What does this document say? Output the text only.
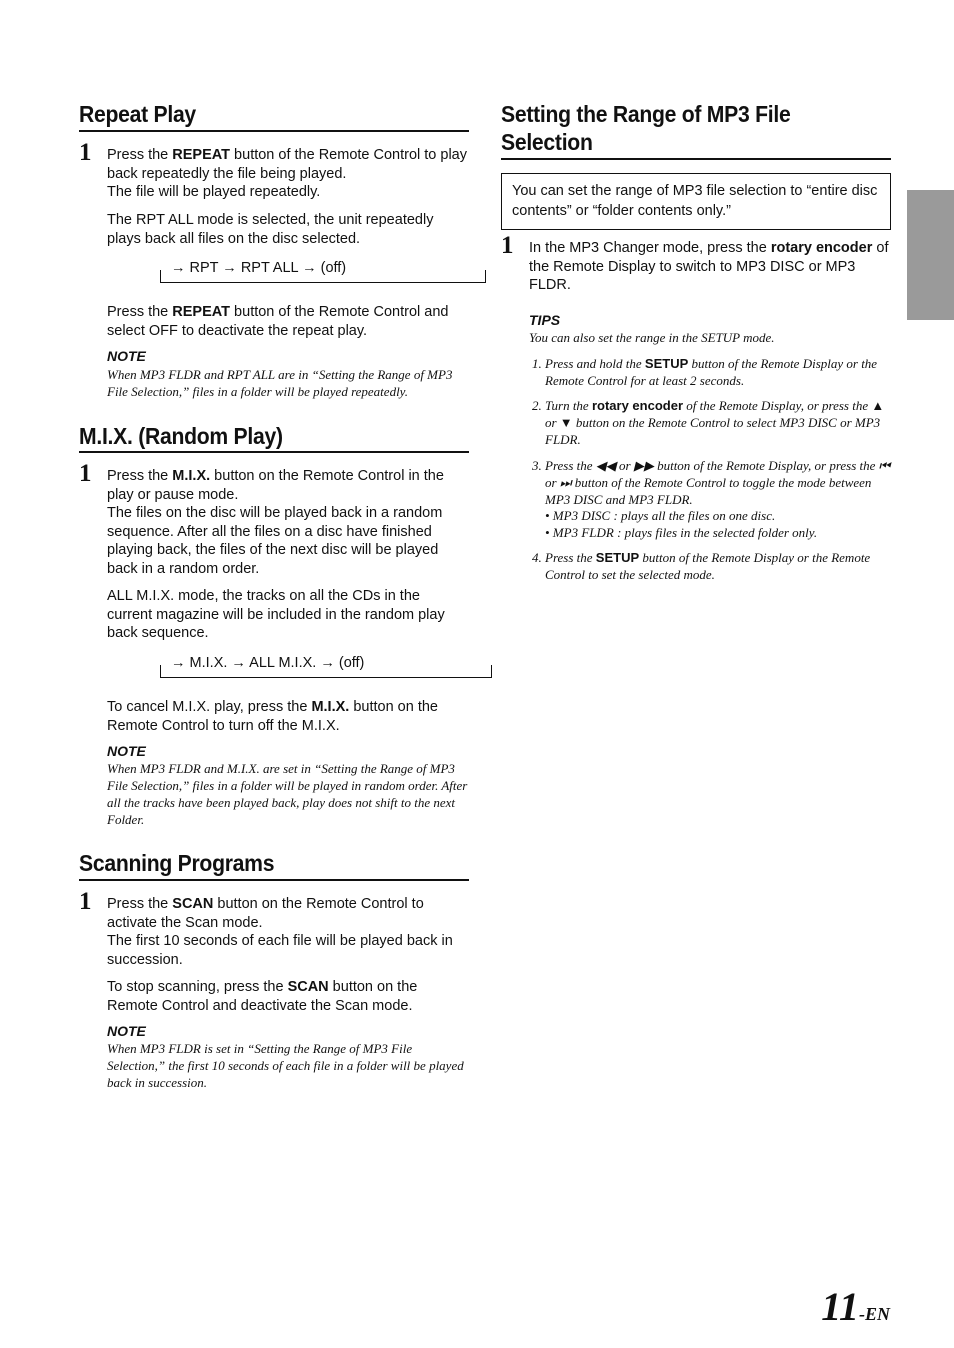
Repeat Play
1 Press the REPEAT button of the Remote Control to play back repeatedly the file being played.
The file will be played repeatedly.

The RPT ALL mode is selected, the unit repeatedly plays back all files on the disc selected.

→ RPT → RPT ALL → (off)

Press the REPEAT button of the Remote Control and select OFF to deactivate the repeat play.

NOTE

When MP3 FLDR and RPT ALL are in “Setting the Range of MP3 File Selection,” files in a folder will be played repeatedly.

M.I.X. (Random Play)
1 Press the M.I.X. button on the Remote Control in the play or pause mode.
The files on the disc will be played back in a random sequence. After all the files on a disc have finished playing back, the files of the next disc will be played back in a random order.

ALL M.I.X. mode, the tracks on all the CDs in the current magazine will be included in the random play back sequence.

→ M.I.X. → ALL M.I.X. → (off)

To cancel M.I.X. play, press the M.I.X. button on the Remote Control to turn off the M.I.X.

NOTE

When MP3 FLDR and M.I.X. are set in “Setting the Range of MP3 File Selection,” files in a folder will be played in random order. After all the tracks have been played back, play does not shift to the next Folder.

Scanning Programs
1 Press the SCAN button on the Remote Control to activate the Scan mode.
The first 10 seconds of each file will be played back in succession.

To stop scanning, press the SCAN button on the Remote Control and deactivate the Scan mode.

NOTE

When MP3 FLDR is set in “Setting the Range of MP3 File Selection,” the first 10 seconds of each file in a folder will be played back in succession.

Setting the Range of MP3 File
Selection

You can set the range of MP3 file selection to “entire disc contents” or “folder contents only.”

1 In the MP3 Changer mode, press the rotary encoder of the Remote Display to switch to MP3 DISC or MP3 FLDR.

TIPS

You can also set the range in the SETUP mode.

1. Press and hold the SETUP button of the Remote Display or the Remote Control for at least 2 seconds.
2. Turn the rotary encoder of the Remote Display, or press the ▲ or ▼ button on the Remote Control to select MP3 DISC or MP3 FLDR.
3. Press the ◀◀ or ▶▶ button of the Remote Display, or press the ⏮ or ⏭ button of the Remote Control to toggle the mode between MP3 DISC and MP3 FLDR.
• MP3 DISC : plays all the files on one disc.
• MP3 FLDR : plays files in the selected folder only.
4. Press the SETUP button of the Remote Display or the Remote Control to set the selected mode.
11-EN
